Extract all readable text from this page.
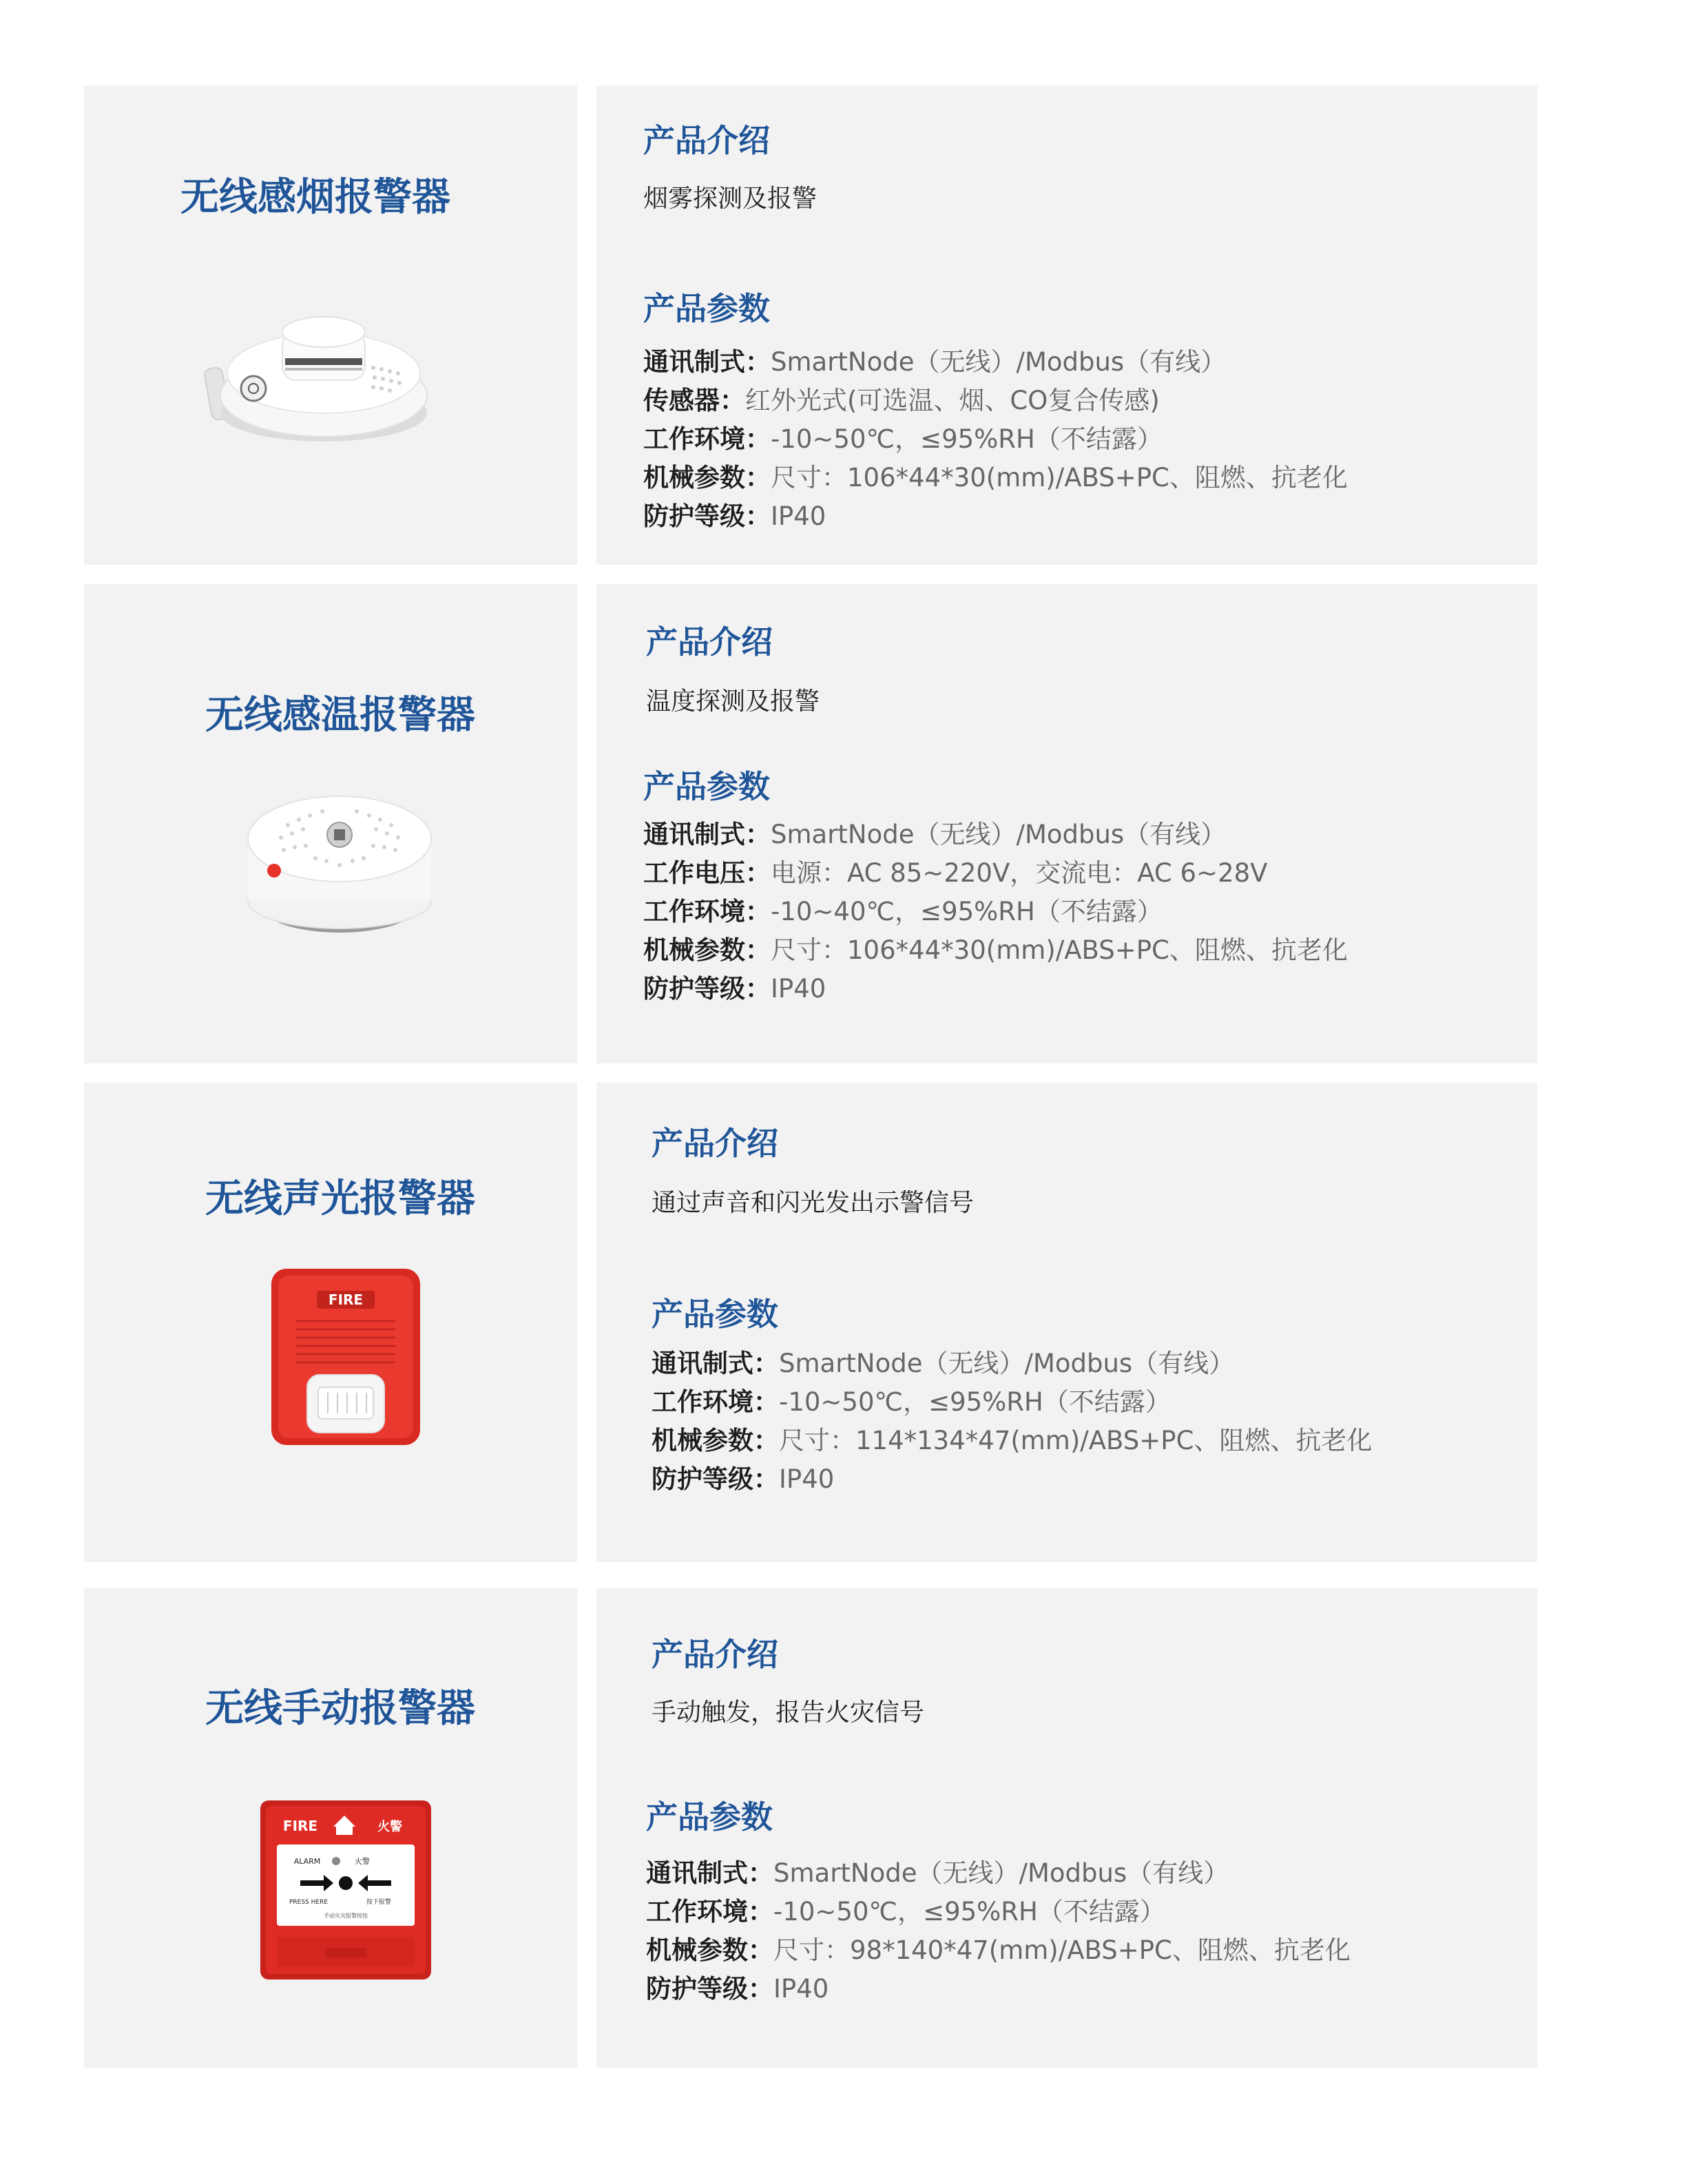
无线感烟报警器
产品介绍
烟雾探测及报警
产品参数
通讯制式：SmartNode（无线）/Modbus（有线）
传感器：红外光式(可选温、烟、CO复合传感)
工作环境：-10~50℃，≤95%RH（不结露）
机械参数：尺寸：106*44*30(mm)/ABS+PC、阻燃、抗老化
防护等级：IP40
无线感温报警器
产品介绍
温度探测及报警
产品参数
通讯制式：SmartNode（无线）/Modbus（有线）
工作电压：电源：AC 85~220V，交流电：AC 6~28V
工作环境：-10~40℃，≤95%RH（不结露）
机械参数：尺寸：106*44*30(mm)/ABS+PC、阻燃、抗老化
防护等级：IP40
无线声光报警器
FIRE
产品介绍
通过声音和闪光发出示警信号
产品参数
通讯制式：SmartNode（无线）/Modbus（有线）
工作环境：-10~50℃，≤95%RH（不结露）
机械参数：尺寸：114*134*47(mm)/ABS+PC、阻燃、抗老化
防护等级：IP40
无线手动报警器
FIRE	火警
ALARM	火警
PRESS HERE	按下报警
手动火灾报警按钮
产品介绍
手动触发，报告火灾信号
产品参数
通讯制式：SmartNode（无线）/Modbus（有线）
工作环境：-10~50℃，≤95%RH（不结露）
机械参数：尺寸：98*140*47(mm)/ABS+PC、阻燃、抗老化
防护等级：IP40
